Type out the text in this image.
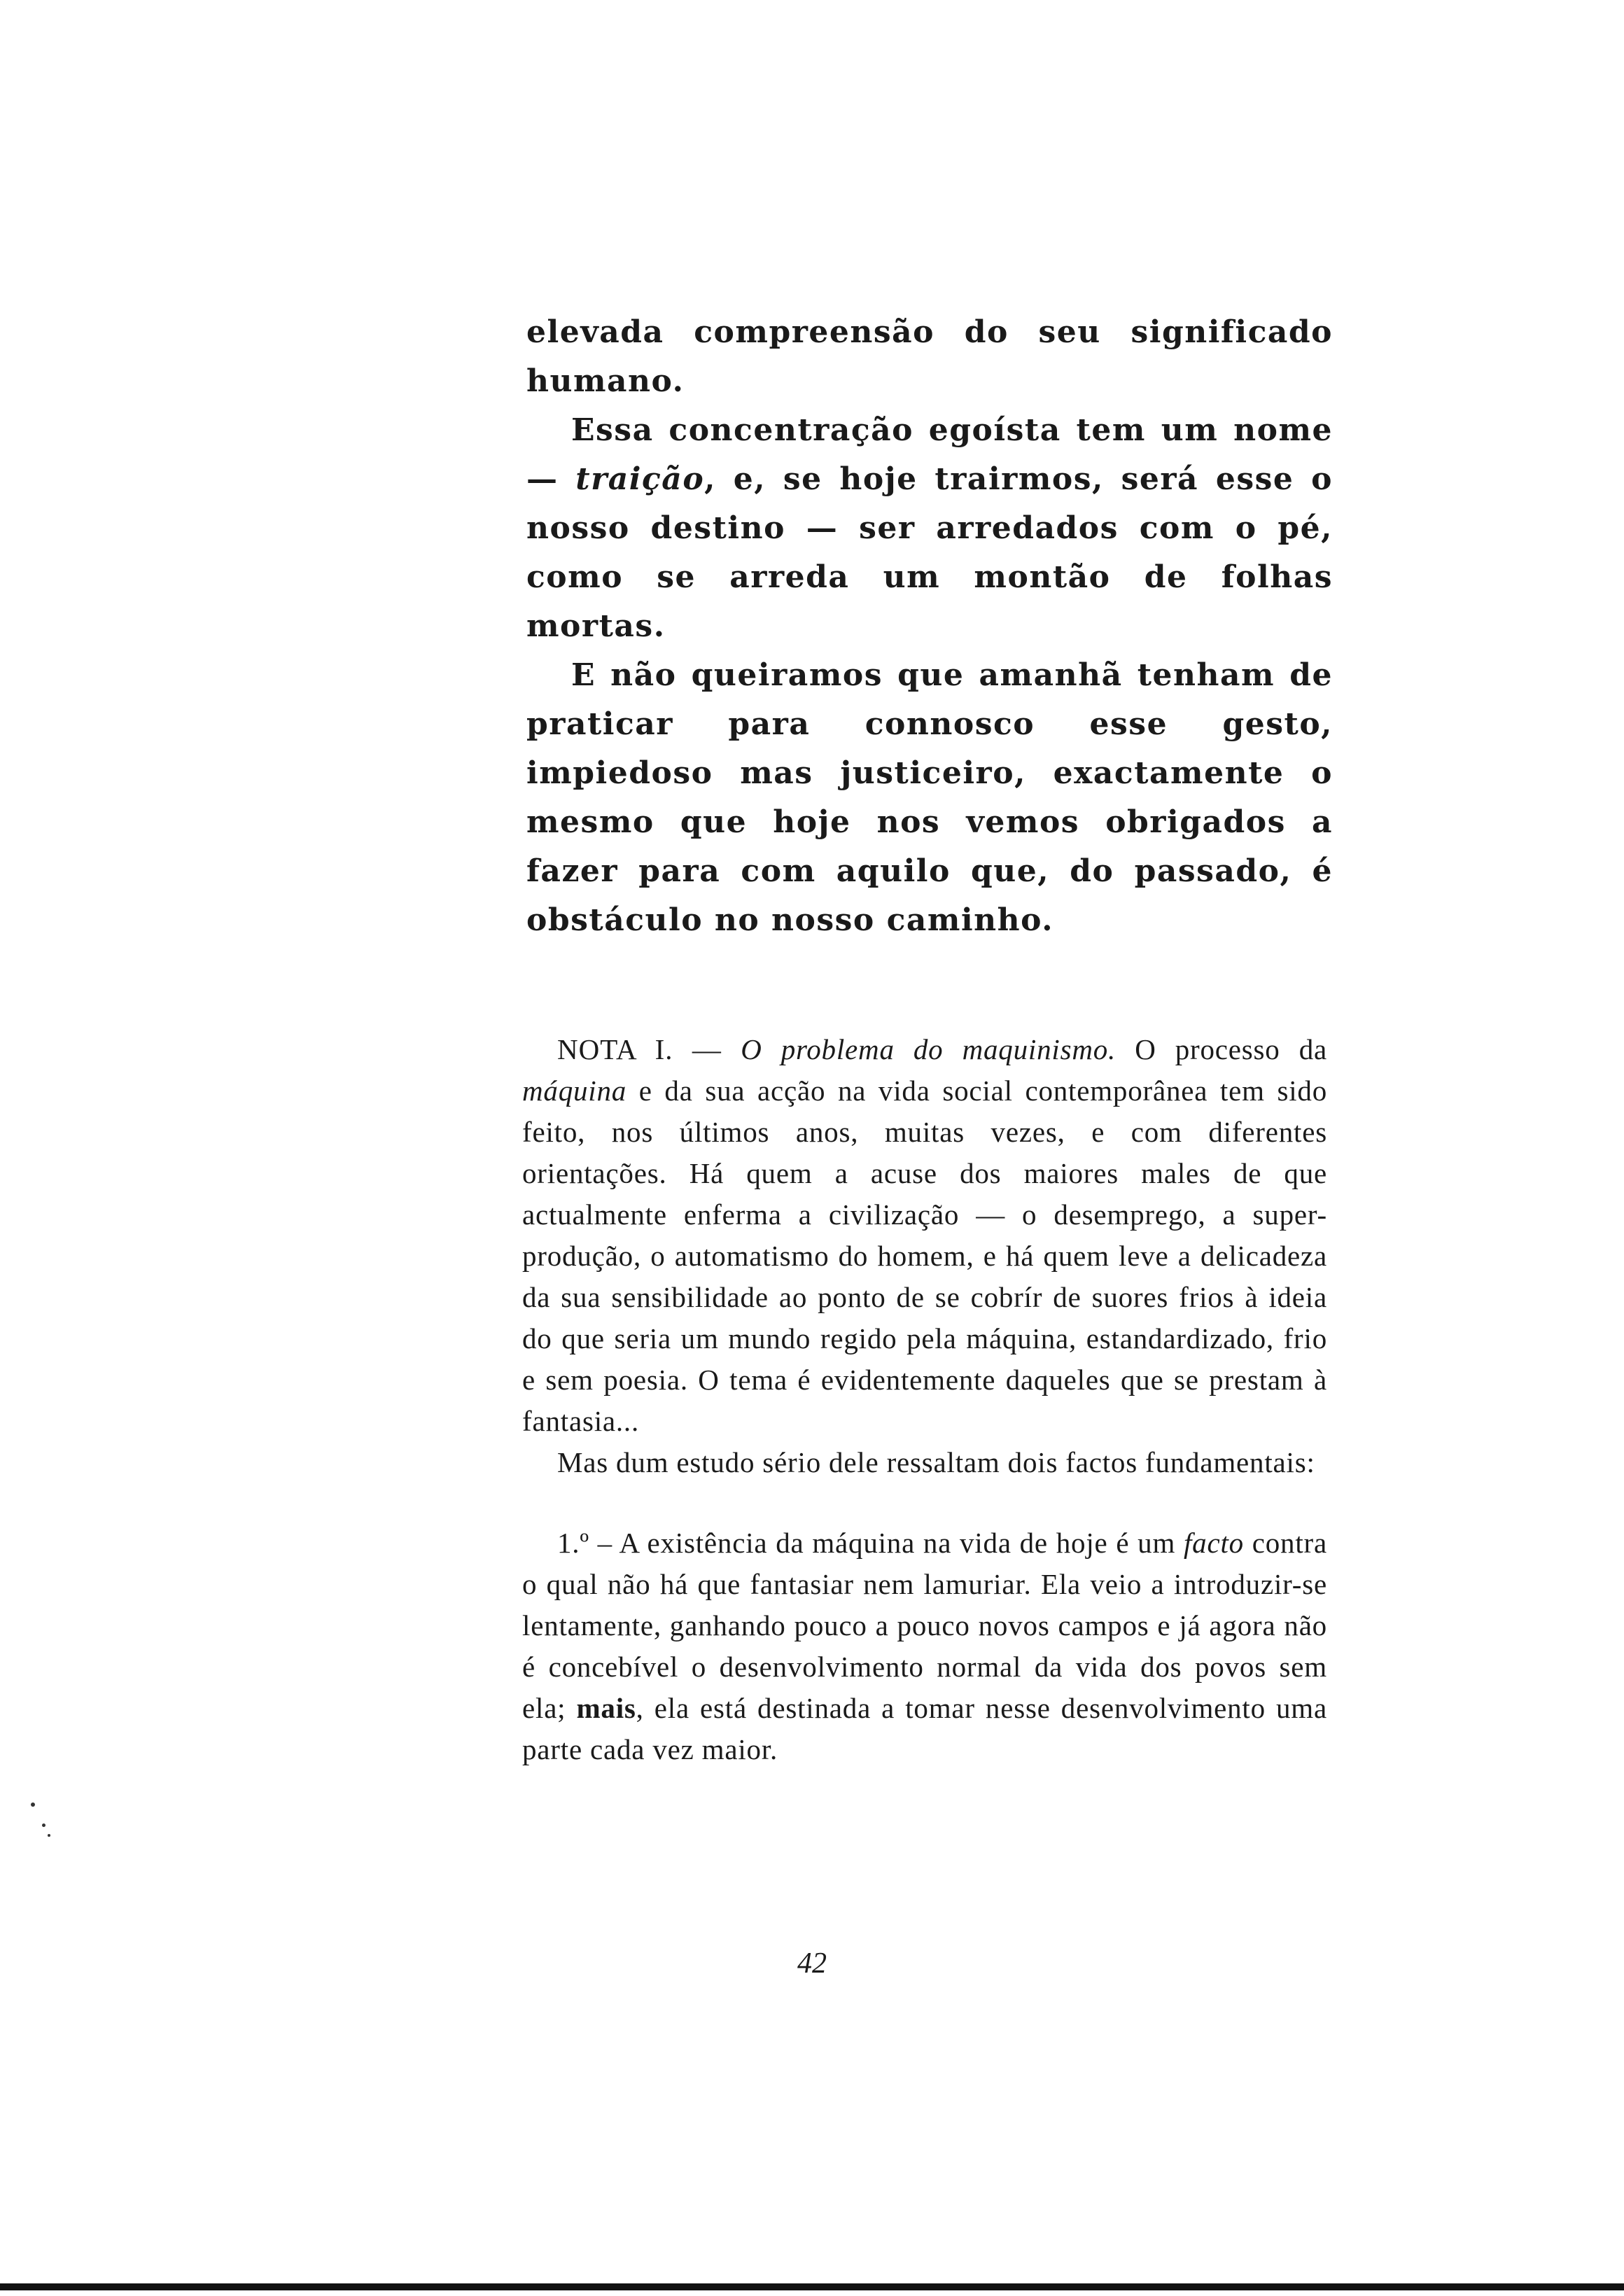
elevada compreensão do seu significado humano.

Essa concentração egoísta tem um nome — traição, e, se hoje trairmos, será esse o nosso destino — ser arredados com o pé, como se arreda um montão de folhas mortas.

E não queiramos que amanhã tenham de praticar para connosco esse gesto, impiedoso mas justiceiro, exactamente o mesmo que hoje nos vemos obrigados a fazer para com aquilo que, do passado, é obstáculo no nosso caminho.

NOTA I. — O problema do maquinismo. O processo da máquina e da sua acção na vida social contemporânea tem sido feito, nos últimos anos, muitas vezes, e com diferentes orientações. Há quem a acuse dos maiores males de que actualmente enferma a civilização — o desemprego, a super-produção, o automatismo do homem, e há quem leve a delicadeza da sua sensibilidade ao ponto de se cobrír de suores frios à ideia do que seria um mundo regido pela máquina, estandardizado, frio e sem poesia. O tema é evidentemente daqueles que se prestam à fantasia...

Mas dum estudo sério dele ressaltam dois factos fundamentais:

1.º – A existência da máquina na vida de hoje é um facto contra o qual não há que fantasiar nem lamuriar. Ela veio a introduzir-se lentamente, ganhando pouco a pouco novos campos e já agora não é concebível o desenvolvimento normal da vida dos povos sem ela; mais, ela está destinada a tomar nesse desenvolvimento uma parte cada vez maior.

42
